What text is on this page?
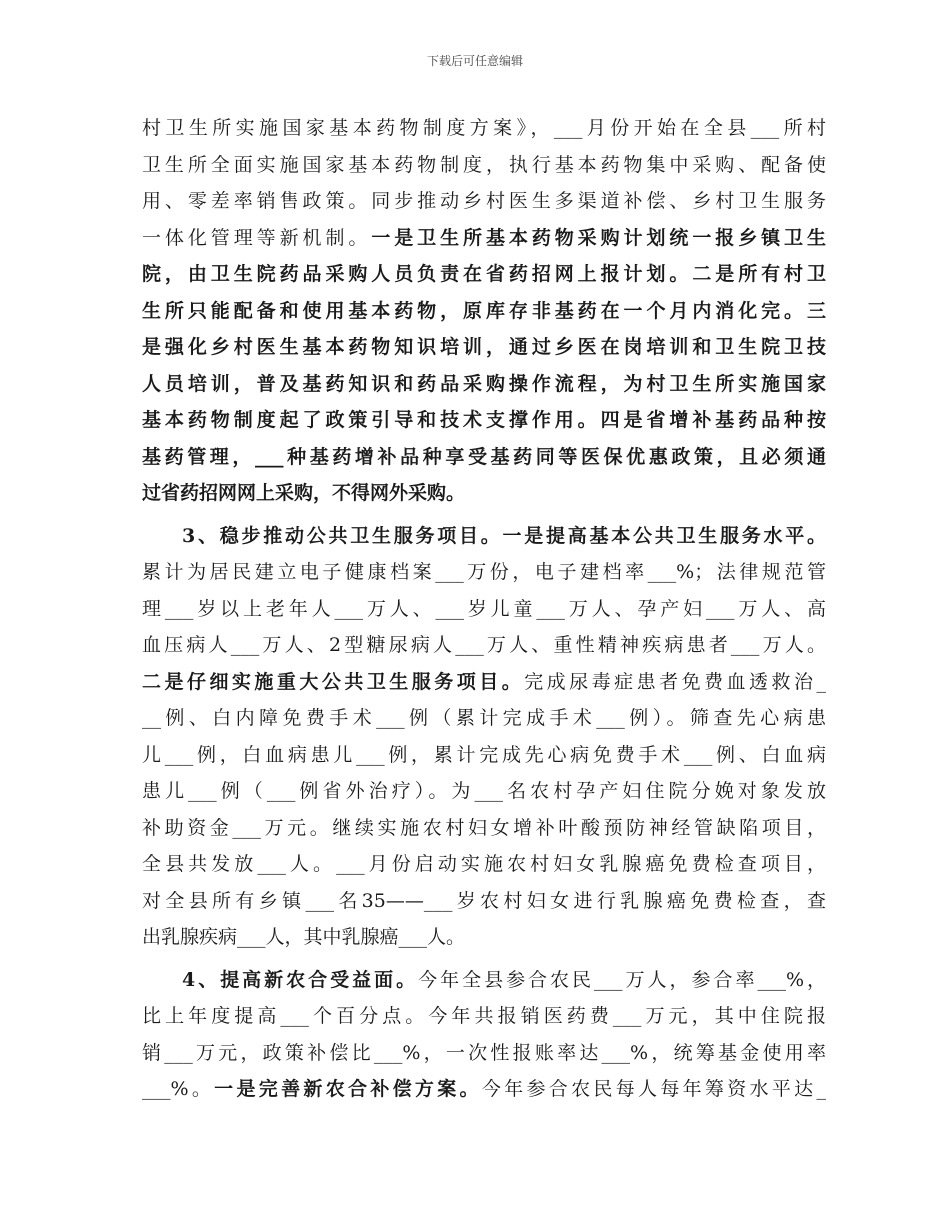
下载后可任意编辑
村卫生所实施国家基本药物制度方案》，___月份开始在全县___所村
卫生所全面实施国家基本药物制度，执行基本药物集中采购、配备使
用、零差率销售政策。同步推动乡村医生多渠道补偿、乡村卫生服务
一体化管理等新机制。一是卫生所基本药物采购计划统一报乡镇卫生
院，由卫生院药品采购人员负责在省药招网上报计划。二是所有村卫
生所只能配备和使用基本药物，原库存非基药在一个月内消化完。三
是强化乡村医生基本药物知识培训，通过乡医在岗培训和卫生院卫技
人员培训，普及基药知识和药品采购操作流程，为村卫生所实施国家
基本药物制度起了政策引导和技术支撑作用。四是省增补基药品种按
基药管理，___种基药增补品种享受基药同等医保优惠政策，且必须通
过省药招网网上采购，不得网外采购。
3、稳步推动公共卫生服务项目。一是提高基本公共卫生服务水平。
累计为居民建立电子健康档案___万份，电子建档率___%；法律规范管
理___岁以上老年人___万人、___岁儿童___万人、孕产妇___万人、高
血压病人___万人、2型糖尿病人___万人、重性精神疾病患者___万人。
二是仔细实施重大公共卫生服务项目。完成尿毒症患者免费血透救治_
__例、白内障免费手术___例（累计完成手术___例）。筛查先心病患
儿___例，白血病患儿___例，累计完成先心病免费手术___例、白血病
患儿___例（___例省外治疗）。为___名农村孕产妇住院分娩对象发放
补助资金___万元。继续实施农村妇女增补叶酸预防神经管缺陷项目，
全县共发放___人。___月份启动实施农村妇女乳腺癌免费检查项目，
对全县所有乡镇___名35——___岁农村妇女进行乳腺癌免费检查，查
出乳腺疾病___人，其中乳腺癌___人。
4、提高新农合受益面。今年全县参合农民___万人，参合率___%，
比上年度提高___个百分点。今年共报销医药费___万元，其中住院报
销___万元，政策补偿比___%，一次性报账率达___%，统筹基金使用率
___%。一是完善新农合补偿方案。今年参合农民每人每年筹资水平达_
